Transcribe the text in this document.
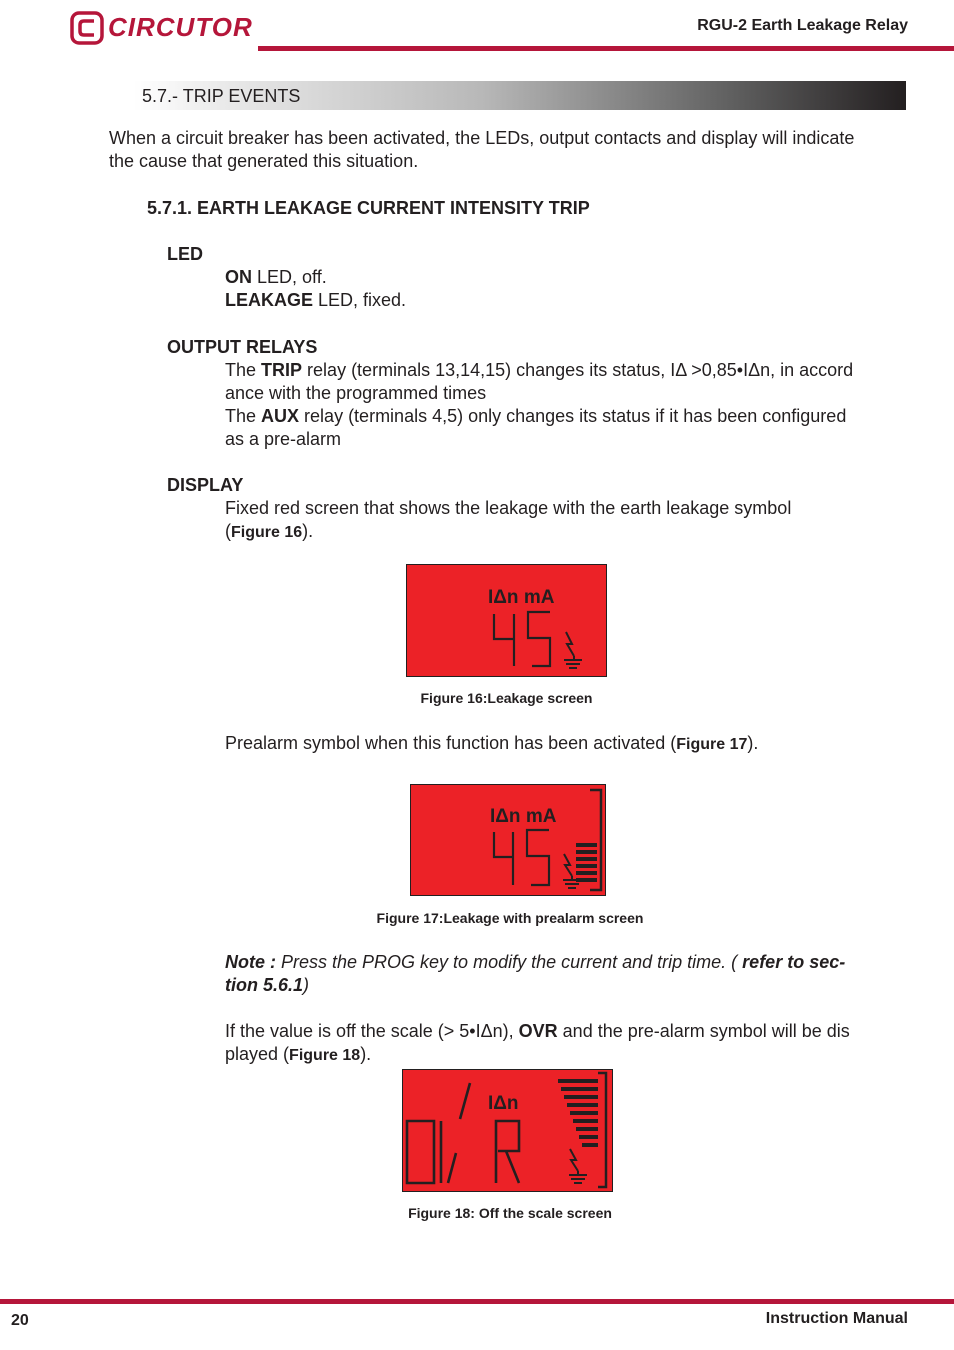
CIRCUTOR	RGU-2 Earth Leakage Relay
5.7.- TRIP EVENTS
When a circuit breaker has been activated, the LEDs, output contacts and display will indicate
the cause that generated this situation.
5.7.1. EARTH LEAKAGE CURRENT INTENSITY TRIP
LED
ON LED, off.
LEAKAGE LED, fixed.
OUTPUT RELAYS
The TRIP relay (terminals 13,14,15) changes its status, IΔ >0,85•IΔn, in accord
ance with the programmed times
The AUX relay (terminals 4,5) only changes its status if it has been configured
as a pre-alarm
DISPLAY
Fixed red screen that shows the leakage with the earth leakage symbol
(Figure 16).
IΔn mA
Figure 16:Leakage screen
Prealarm symbol when this function has been activated (Figure 17).
IΔn mA
Figure 17:Leakage with prealarm screen
Note : Press the PROG key to modify the current and trip time. ( refer to sec-
tion 5.6.1)
If the value is off the scale (> 5•IΔn), OVR and the pre-alarm symbol will be dis
played (Figure 18).
IΔn
Figure 18: Off the scale screen
20	Instruction Manual
